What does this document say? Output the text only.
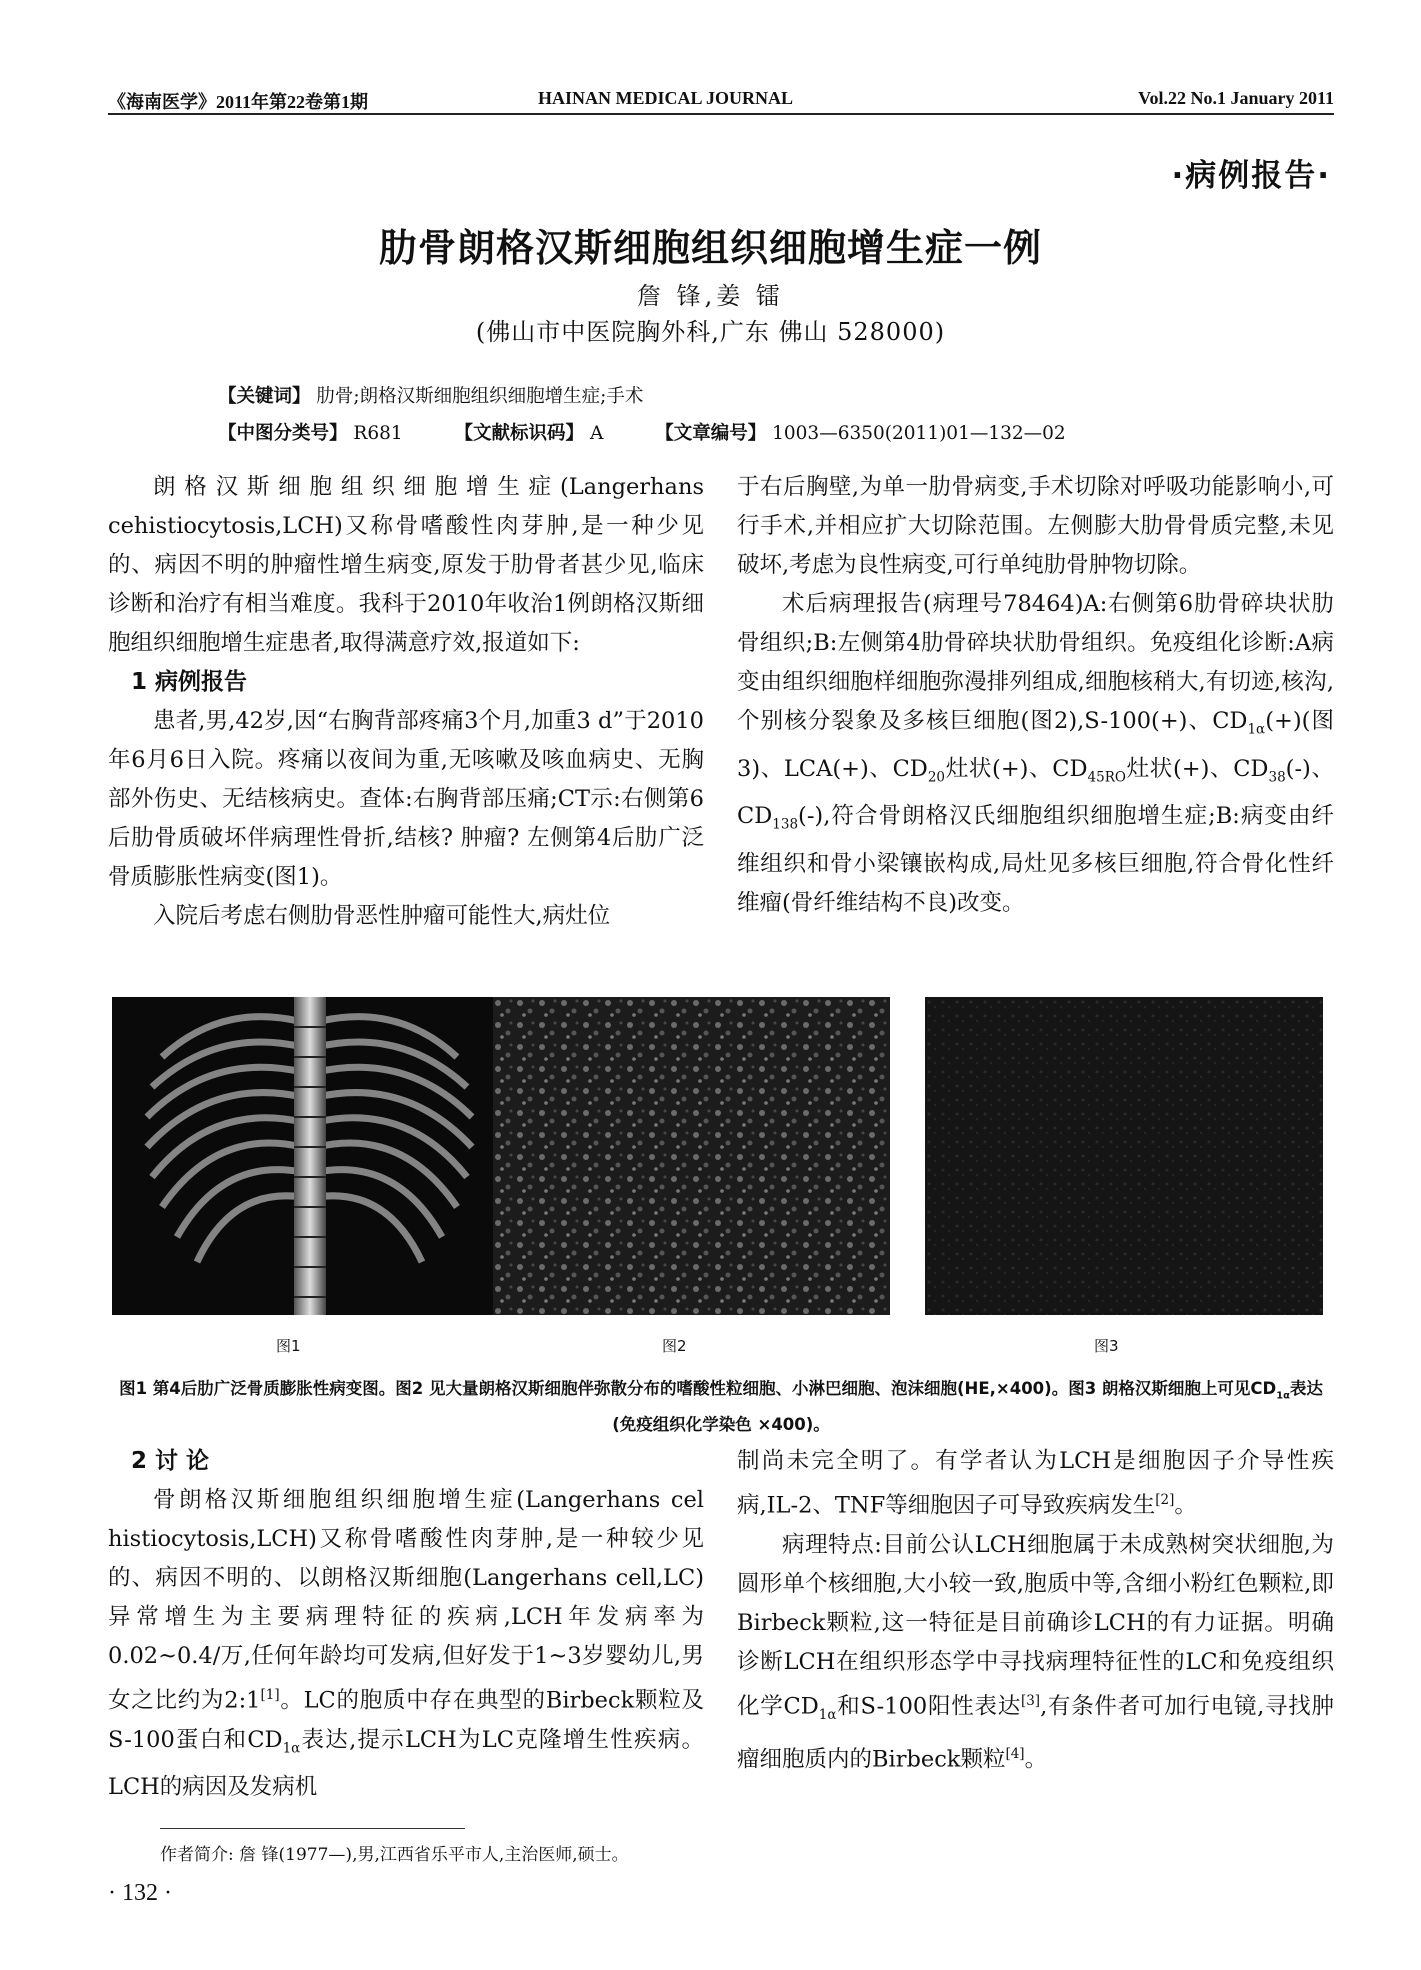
《海南医学》2011年第22卷第1期	HAINAN MEDICAL JOURNAL	Vol.22 No.1 January 2011
·病例报告·
肋骨朗格汉斯细胞组织细胞增生症一例
詹 锋,姜 镭
(佛山市中医院胸外科,广东 佛山 528000)
【关键词】 肋骨;朗格汉斯细胞组织细胞增生症;手术
【中图分类号】 R681	【文献标识码】 A	【文章编号】 1003—6350(2011)01—132—02

朗格汉斯细胞组织细胞增生症(Langerhans cehistiocytosis,LCH)又称骨嗜酸性肉芽肿,是一种少见的、病因不明的肿瘤性增生病变,原发于肋骨者甚少见,临床诊断和治疗有相当难度。我科于2010年收治1例朗格汉斯细胞组织细胞增生症患者,取得满意疗效,报道如下:

1 病例报告

患者,男,42岁,因“右胸背部疼痛3个月,加重3 d”于2010年6月6日入院。疼痛以夜间为重,无咳嗽及咳血病史、无胸部外伤史、无结核病史。查体:右胸背部压痛;CT示:右侧第6后肋骨质破坏伴病理性骨折,结核? 肿瘤? 左侧第4后肋广泛骨质膨胀性病变(图1)。

入院后考虑右侧肋骨恶性肿瘤可能性大,病灶位

于右后胸壁,为单一肋骨病变,手术切除对呼吸功能影响小,可行手术,并相应扩大切除范围。左侧膨大肋骨骨质完整,未见破坏,考虑为良性病变,可行单纯肋骨肿物切除。

术后病理报告(病理号78464)A:右侧第6肋骨碎块状肋骨组织;B:左侧第4肋骨碎块状肋骨组织。免疫组化诊断:A病变由组织细胞样细胞弥漫排列组成,细胞核稍大,有切迹,核沟,个别核分裂象及多核巨细胞(图2),S-100(+)、$CD_{1\alpha}(+)$(图3)、LCA(+)、$CD_{20}$灶状(+)、$CD_{45RO}$灶状(+)、$CD_{38}(-)$、$CD_{138}(-)$,符合骨朗格汉氏细胞组织细胞增生症;B:病变由纤维组织和骨小梁镶嵌构成,局灶见多核巨细胞,符合骨化性纤维瘤(骨纤维结构不良)改变。

图1	图2	图3
图1 第4后肋广泛骨质膨胀性病变图。图2 见大量朗格汉斯细胞伴弥散分布的嗜酸性粒细胞、小淋巴细胞、泡沫细胞(HE,×400)。图3 朗格汉斯细胞上可见$CD_{1\alpha}$表达(免疫组织化学染色 ×400)。
2 讨 论

骨朗格汉斯细胞组织细胞增生症(Langerhans cel histiocytosis,LCH)又称骨嗜酸性肉芽肿,是一种较少见的、病因不明的、以朗格汉斯细胞(Langerhans cell,LC)异常增生为主要病理特征的疾病,LCH年发病率为0.02~0.4/万,任何年龄均可发病,但好发于1~3岁婴幼儿,男女之比约为2:1[1]。LC的胞质中存在典型的Birbeck颗粒及S-100蛋白和$CD_{1\alpha}$表达,提示LCH为LC克隆增生性疾病。LCH的病因及发病机

制尚未完全明了。有学者认为LCH是细胞因子介导性疾病,IL-2、TNF等细胞因子可导致疾病发生[2]。

病理特点:目前公认LCH细胞属于未成熟树突状细胞,为圆形单个核细胞,大小较一致,胞质中等,含细小粉红色颗粒,即Birbeck颗粒,这一特征是目前确诊LCH的有力证据。明确诊断LCH在组织形态学中寻找病理特征性的LC和免疫组织化学$CD_{1\alpha}$和S-100阳性表达[3],有条件者可加行电镜,寻找肿瘤细胞质内的Birbeck颗粒[4]。

作者简介: 詹 锋(1977—),男,江西省乐平市人,主治医师,硕士。
· 132 ·
